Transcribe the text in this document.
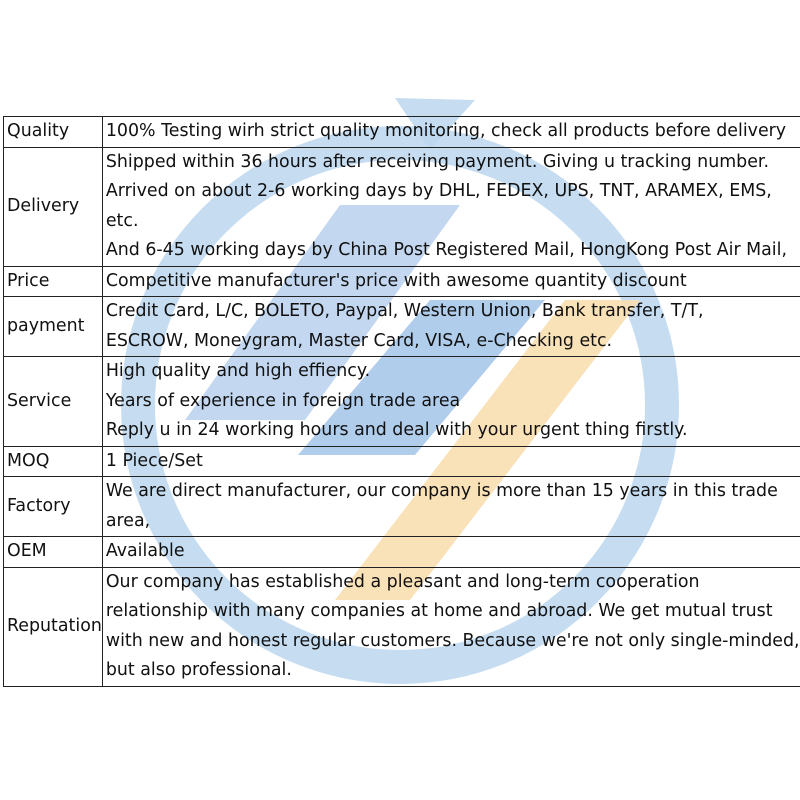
Quality	100% Testing wirh strict quality monitoring, check all products before delivery

Delivery	Shipped within 36 hours after receiving payment. Giving u tracking number.
Arrived on about 2-6 working days by DHL, FEDEX, UPS, TNT, ARAMEX, EMS,
etc.
And 6-45 working days by China Post Registered Mail, HongKong Post Air Mail,

Price	Competitive manufacturer's price with awesome quantity discount

payment	Credit Card, L/C, BOLETO, Paypal, Western Union, Bank transfer, T/T,
ESCROW, Moneygram, Master Card, VISA, e-Checking etc.

Service	High quality and high effiency.
Years of experience in foreign trade area
Reply u in 24 working hours and deal with your urgent thing firstly.

MOQ	1 Piece/Set

Factory	We are direct manufacturer, our company is more than 15 years in this trade
area,

OEM	Available

Reputation	Our company has established a pleasant and long-term cooperation
relationship with many companies at home and abroad. We get mutual trust
with new and honest regular customers. Because we're not only single-minded,
but also professional.
